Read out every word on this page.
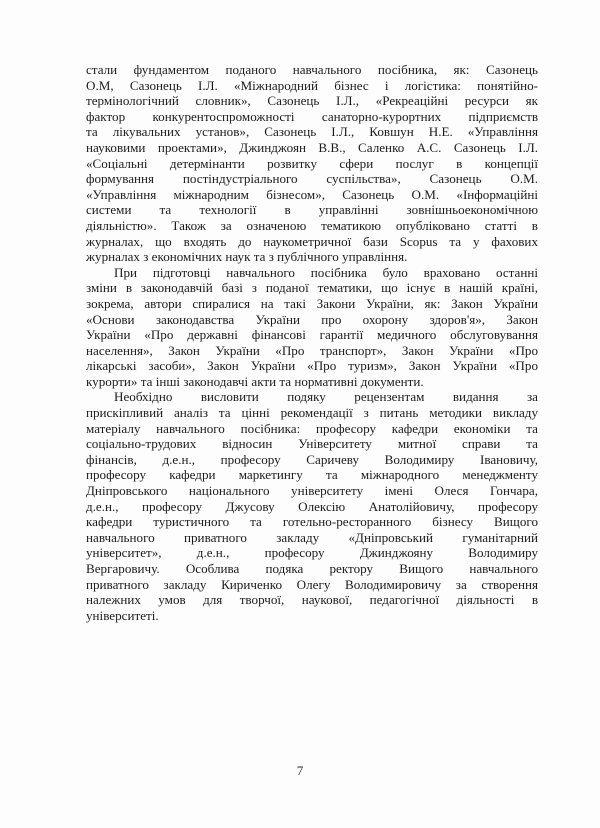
стали фундаментом поданого навчального посібника, як: Сазонець
О.М, Сазонець І.Л. «Міжнародний бізнес і логістика: понятійно-
термінологічний словник», Сазонець І.Л., «Рекреаційні ресурси як
фактор конкурентоспроможності санаторно-курортних підприємств
та лікувальних установ», Сазонець І.Л., Ковшун Н.Е. «Управління
науковими проектами», Джинджоян В.В., Саленко А.С. Сазонець І.Л.
«Соціальні детермінанти розвитку сфери послуг в концепції
формування постіндустріального суспільства», Сазонець О.М.
«Управління міжнародним бізнесом», Сазонець О.М. «Інформаційні
системи та технології в управлінні зовнішньоекономічною
діяльністю». Також за означеною тематикою опубліковано статті в
журналах, що входять до наукометричної бази Scopus та у фахових
журналах з економічних наук та з публічного управління.
При підготовці навчального посібника було враховано останні
зміни в законодавчій базі з поданої тематики, що існує в нашій країні,
зокрема, автори спиралися на такі Закони України, як: Закон України
«Основи законодавства України про охорону здоров'я», Закон
України «Про державні фінансові гарантії медичного обслуговування
населення», Закон України «Про транспорт», Закон України «Про
лікарські засоби», Закон України «Про туризм», Закон України «Про
курорти» та інші законодавчі акти та нормативні документи.
Необхідно висловити подяку рецензентам видання за
прискіпливий аналіз та цінні рекомендації з питань методики викладу
матеріалу навчального посібника: професору кафедри економіки та
соціально-трудових відносин Університету митної справи та
фінансів, д.е.н., професору Саричеву Володимиру Івановичу,
професору кафедри маркетингу та міжнародного менеджменту
Дніпровського національного університету імені Олеся Гончара,
д.е.н., професору Джусову Олексію Анатолійовичу, професору
кафедри туристичного та готельно-ресторанного бізнесу Вищого
навчального приватного закладу «Дніпровський гуманітарний
університет», д.е.н., професору Джинджояну Володимиру
Вергаровичу. Особлива подяка ректору Вищого навчального
приватного закладу Кириченко Олегу Володимировичу за створення
належних умов для творчої, наукової, педагогічної діяльності в
університеті.
7
